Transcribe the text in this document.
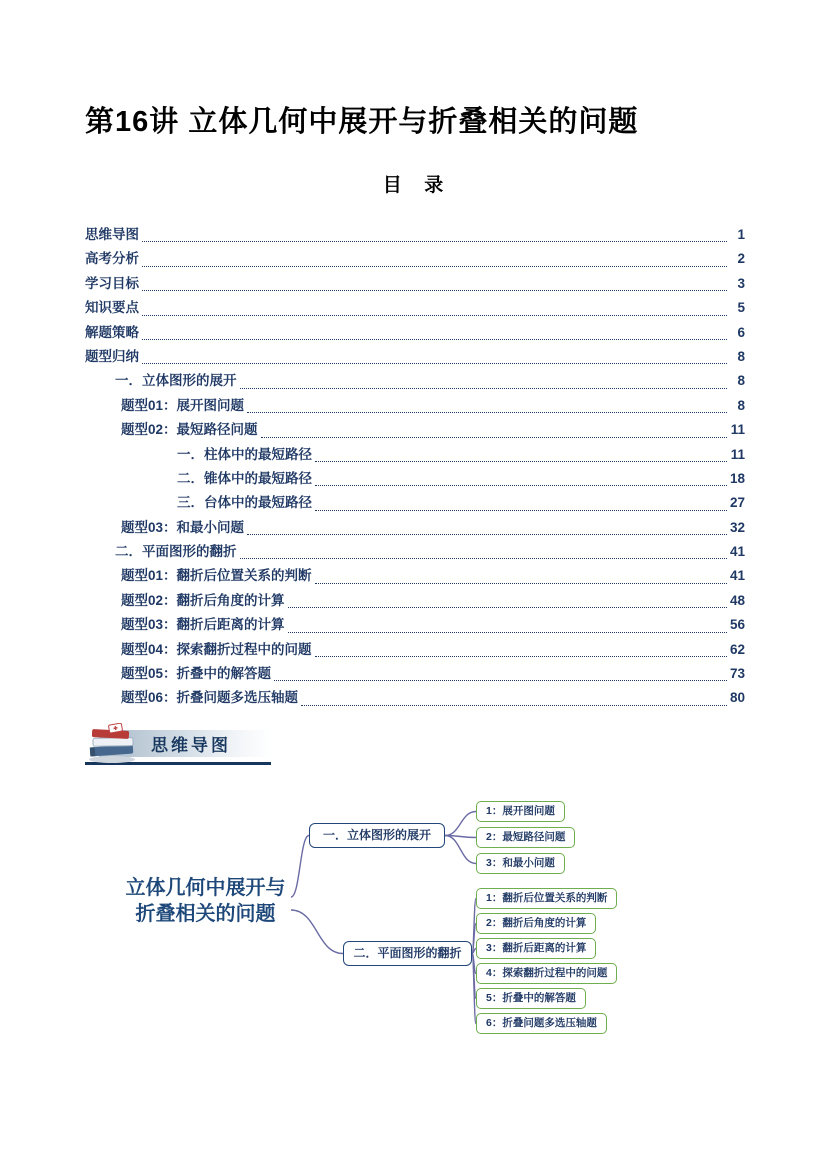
第16讲 立体几何中展开与折叠相关的问题
目  录
思维导图	1
高考分析	2
学习目标	3
知识要点	5
解题策略	6
题型归纳	8
一．立体图形的展开	8
题型01：展开图问题	8
题型02：最短路径问题	11
一．柱体中的最短路径	11
二．锥体中的最短路径	18
三．台体中的最短路径	27
题型03：和最小问题	32
二．平面图形的翻折	41
题型01：翻折后位置关系的判断	41
题型02：翻折后角度的计算	48
题型03：翻折后距离的计算	56
题型04：探索翻折过程中的问题	62
题型05：折叠中的解答题	73
题型06：折叠问题多选压轴题	80
思维导图
立体几何中展开与
折叠相关的问题
一．立体图形的展开
1：展开图问题
2：最短路径问题
3：和最小问题
二．平面图形的翻折
1：翻折后位置关系的判断
2：翻折后角度的计算
3：翻折后距离的计算
4：探索翻折过程中的问题
5：折叠中的解答题
6：折叠问题多选压轴题
